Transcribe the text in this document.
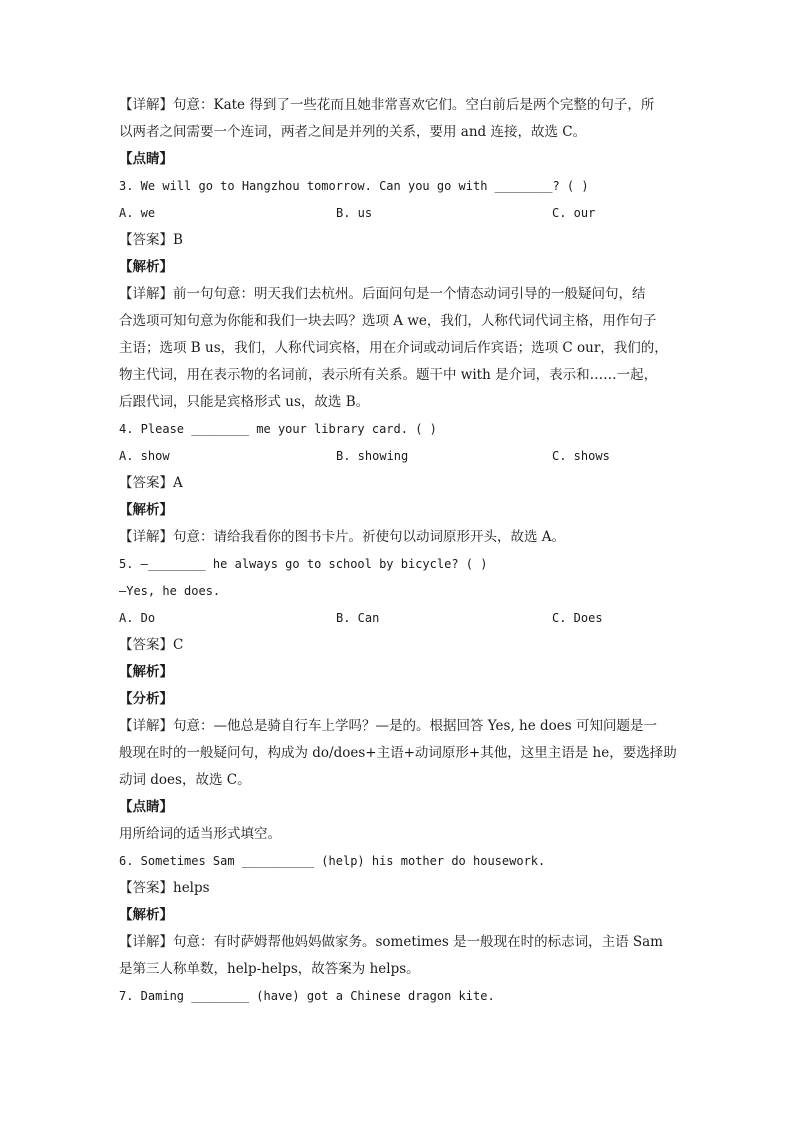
【详解】句意：Kate 得到了一些花而且她非常喜欢它们。空白前后是两个完整的句子，所
以两者之间需要一个连词，两者之间是并列的关系，要用 and 连接，故选 C。
【点睛】
3. We will go to Hangzhou tomorrow. Can you go with ________? ( )
A. we	B. us	C. our
【答案】B
【解析】
【详解】前一句句意：明天我们去杭州。后面问句是一个情态动词引导的一般疑问句，结
合选项可知句意为你能和我们一块去吗？选项 A we，我们，人称代词代词主格，用作句子
主语；选项 B us，我们，人称代词宾格，用在介词或动词后作宾语；选项 C our，我们的，
物主代词，用在表示物的名词前，表示所有关系。题干中 with 是介词，表示和……一起，
后跟代词，只能是宾格形式 us，故选 B。
4. Please ________ me your library card. ( )
A. show	B. showing	C. shows
【答案】A
【解析】
【详解】句意：请给我看你的图书卡片。祈使句以动词原形开头，故选 A。
5. —________ he always go to school by bicycle? ( )
—Yes, he does.
A. Do	B. Can	C. Does
【答案】C
【解析】
【分析】
【详解】句意：—他总是骑自行车上学吗？—是的。根据回答 Yes, he does 可知问题是一
般现在时的一般疑问句，构成为 do/does+主语+动词原形+其他，这里主语是 he，要选择助
动词 does，故选 C。
【点睛】
用所给词的适当形式填空。
6. Sometimes Sam __________ (help) his mother do housework.
【答案】helps
【解析】
【详解】句意：有时萨姆帮他妈妈做家务。sometimes 是一般现在时的标志词，主语 Sam
是第三人称单数，help-helps，故答案为 helps。
7. Daming ________ (have) got a Chinese dragon kite.
